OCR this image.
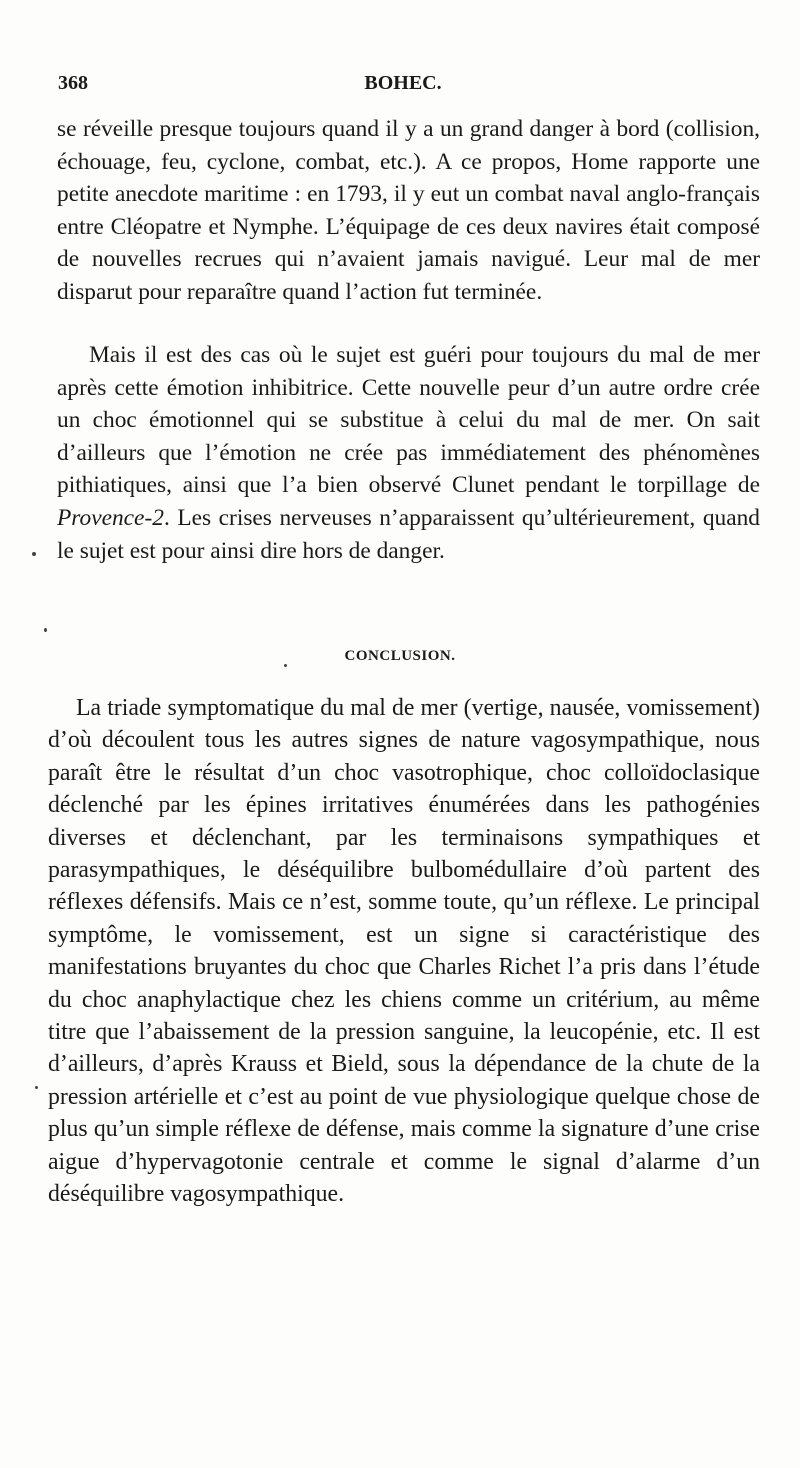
368	BOHEC.

se réveille presque toujours quand il y a un grand danger à bord (collision, échouage, feu, cyclone, combat, etc.). A ce propos, Home rapporte une petite anecdote maritime : en 1793, il y eut un combat naval anglo-français entre Cléopatre et Nymphe. L’équipage de ces deux navires était composé de nouvelles recrues qui n’avaient jamais navigué. Leur mal de mer disparut pour reparaître quand l’action fut terminée.

Mais il est des cas où le sujet est guéri pour toujours du mal de mer après cette émotion inhibitrice. Cette nouvelle peur d’un autre ordre crée un choc émotionnel qui se substitue à celui du mal de mer. On sait d’ailleurs que l’émotion ne crée pas immédiatement des phénomènes pithiatiques, ainsi que l’a bien observé Clunet pendant le torpillage de Provence-2. Les crises nerveuses n’apparaissent qu’ultérieurement, quand le sujet est pour ainsi dire hors de danger.

CONCLUSION.

La triade symptomatique du mal de mer (vertige, nausée, vomissement) d’où découlent tous les autres signes de nature vagosympathique, nous paraît être le résultat d’un choc vasotrophique, choc colloïdoclasique déclenché par les épines irritatives énumérées dans les pathogénies diverses et déclenchant, par les terminaisons sympathiques et parasympathiques, le déséquilibre bulbomédullaire d’où partent des réflexes défensifs. Mais ce n’est, somme toute, qu’un réflexe. Le principal symptôme, le vomissement, est un signe si caractéristique des manifestations bruyantes du choc que Charles Richet l’a pris dans l’étude du choc anaphylactique chez les chiens comme un critérium, au même titre que l’abaissement de la pression sanguine, la leucopénie, etc. Il est d’ailleurs, d’après Krauss et Bield, sous la dépendance de la chute de la pression artérielle et c’est au point de vue physiologique quelque chose de plus qu’un simple réflexe de défense, mais comme la signature d’une crise aigue d’hypervagotonie centrale et comme le signal d’alarme d’un déséquilibre vagosympathique.
